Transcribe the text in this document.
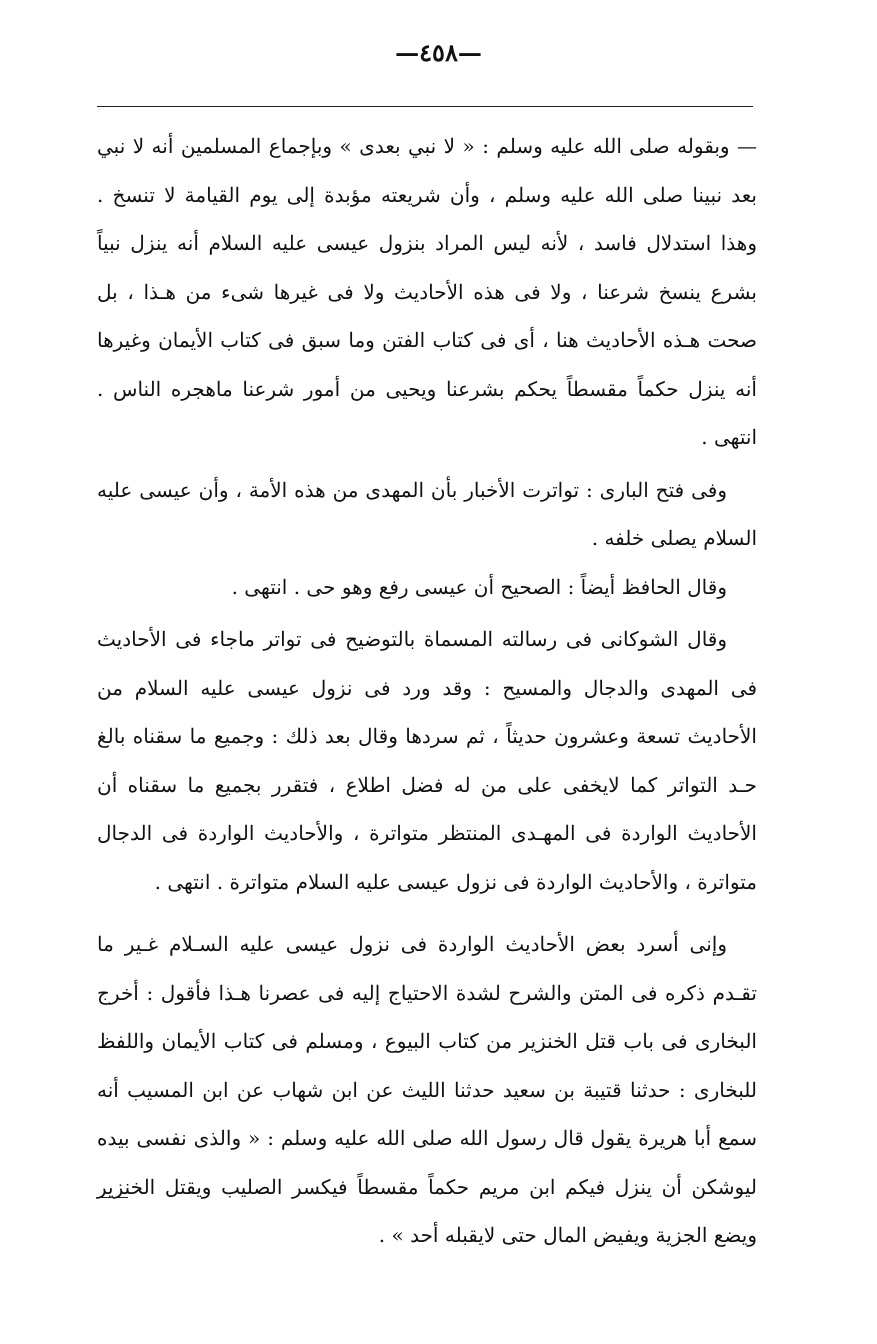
—٤٥٨—

— وبقوله صلى الله عليه وسلم : « لا نبي بعدى » وبإجماع المسلمين أنه لا نبي بعد نبينا صلى الله عليه وسلم ، وأن شريعته مؤبدة إلى يوم القيامة لا تنسخ . وهذا استدلال فاسد ، لأنه ليس المراد بنزول عيسى عليه السلام أنه ينزل نبياً بشرع ينسخ شرعنا ، ولا فى هذه الأحاديث ولا فى غيرها شىء من هـذا ، بل صحت هـذه الأحاديث هنا ، أى فى كتاب الفتن وما سبق فى كتاب الأيمان وغيرها أنه ينزل حكماً مقسطاً يحكم بشرعنا ويحيى من أمور شرعنا ماهجره الناس . انتهى .

وفى فتح البارى : تواترت الأخبار بأن المهدى من هذه الأمة ، وأن عيسى عليه السلام يصلى خلفه .

وقال الحافظ أيضاً : الصحيح أن عيسى رفع وهو حى . انتهى .

وقال الشوكانى فى رسالته المسماة بالتوضيح فى تواتر ماجاء فى الأحاديث فى المهدى والدجال والمسيح : وقد ورد فى نزول عيسى عليه السلام من الأحاديث تسعة وعشرون حديثاً ، ثم سردها وقال بعد ذلك : وجميع ما سقناه بالغ حـد التواتر كما لايخفى على من له فضل اطلاع ، فتقرر بجميع ما سقناه أن الأحاديث الواردة فى المهـدى المنتظر متواترة ، والأحاديث الواردة فى الدجال متواترة ، والأحاديث الواردة فى نزول عيسى عليه السلام متواترة . انتهى .

وإنى أسرد بعض الأحاديث الواردة فى نزول عيسى عليه السـلام غـير ما تقـدم ذكره فى المتن والشرح لشدة الاحتياج إليه فى عصرنا هـذا فأقول : أخرج البخارى فى باب قتل الخنزير من كتاب البيوع ، ومسلم فى كتاب الأيمان واللفظ للبخارى : حدثنا قتيبة بن سعيد حدثنا الليث عن ابن شهاب عن ابن المسيب أنه سمع أبا هريرة يقول قال رسول الله صلى الله عليه وسلم : « والذى نفسى بيده ليوشكن أن ينزل فيكم ابن مريم حكماً مقسطاً فيكسر الصليب ويقتل الخنزير ويضع الجزية ويفيض المال حتى لايقبله أحد » .
